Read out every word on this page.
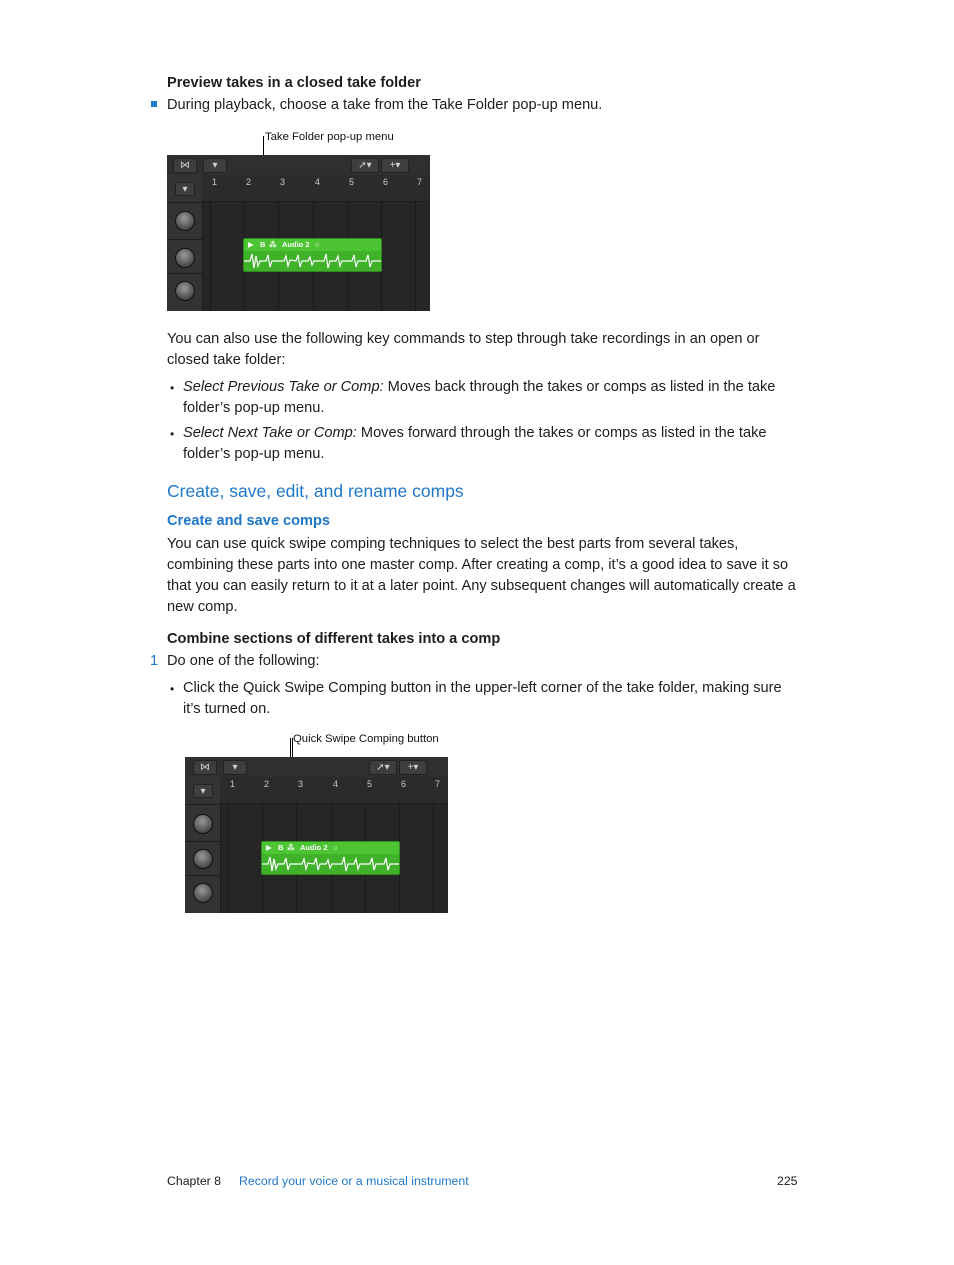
Preview takes in a closed take folder
During playback, choose a take from the Take Folder pop-up menu.
Take Folder pop-up menu
⋈	▾	➚▾	+▾
▾
1	2	3	4	5	6	7
▶ B ⁂ Audio 2 ○
You can also use the following key commands to step through take recordings in an open or closed take folder:
• Select Previous Take or Comp: Moves back through the takes or comps as listed in the take folder’s pop-up menu.
• Select Next Take or Comp: Moves forward through the takes or comps as listed in the take folder’s pop-up menu.
Create, save, edit, and rename comps
Create and save comps
You can use quick swipe comping techniques to select the best parts from several takes, combining these parts into one master comp. After creating a comp, it’s a good idea to save it so that you can easily return to it at a later point. Any subsequent changes will automatically create a new comp.
Combine sections of different takes into a comp
1 Do one of the following:
• Click the Quick Swipe Comping button in the upper-left corner of the take folder, making sure it’s turned on.
Quick Swipe Comping button
⋈	▾	➚▾	+▾
▾
1	2	3	4	5	6	7
▶ B ⁂ Audio 2 ○
Chapter 8 Record your voice or a musical instrument	225
